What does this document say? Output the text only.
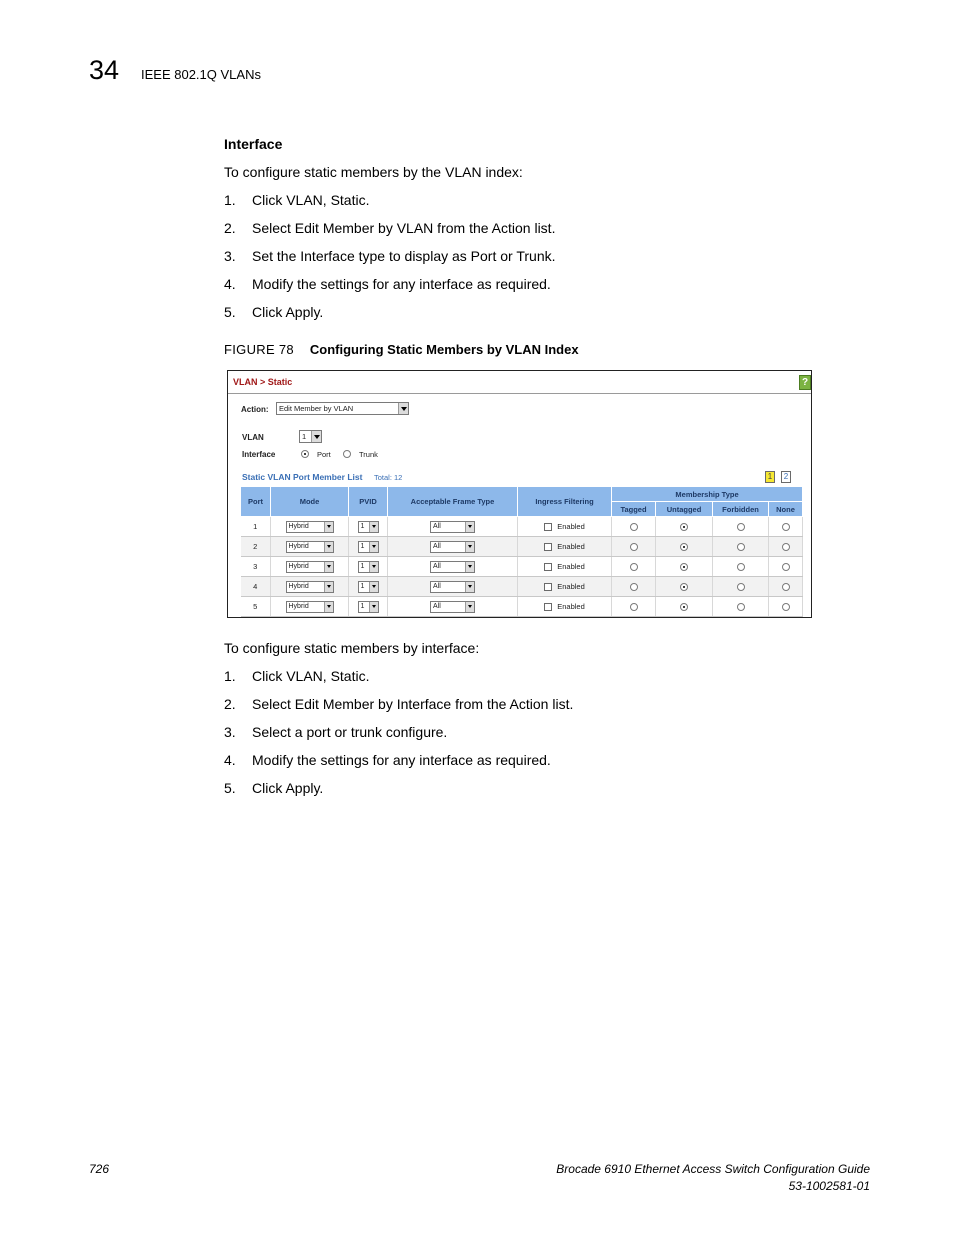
34 IEEE 802.1Q VLANs
Interface
To configure static members by the VLAN index:
1. Click VLAN, Static.
2. Select Edit Member by VLAN from the Action list.
3. Set the Interface type to display as Port or Trunk.
4. Modify the settings for any interface as required.
5. Click Apply.
FIGURE 78 Configuring Static Members by VLAN Index
VLAN > Static	?
Action:	Edit Member by VLAN
VLAN	1
Interface	Port	Trunk
Static VLAN Port Member List Total: 12	1	2
Port	Mode	PVID	Acceptable Frame Type	Ingress Filtering	Membership Type			
					Tagged	Untagged	Forbidden	None
1	Hybrid	1	All	Enabled				
2	Hybrid	1	All	Enabled				
3	Hybrid	1	All	Enabled				
4	Hybrid	1	All	Enabled				
5	Hybrid	1	All	Enabled				
To configure static members by interface:
1. Click VLAN, Static.
2. Select Edit Member by Interface from the Action list.
3. Select a port or trunk configure.
4. Modify the settings for any interface as required.
5. Click Apply.
726	Brocade 6910 Ethernet Access Switch Configuration Guide
53-1002581-01
